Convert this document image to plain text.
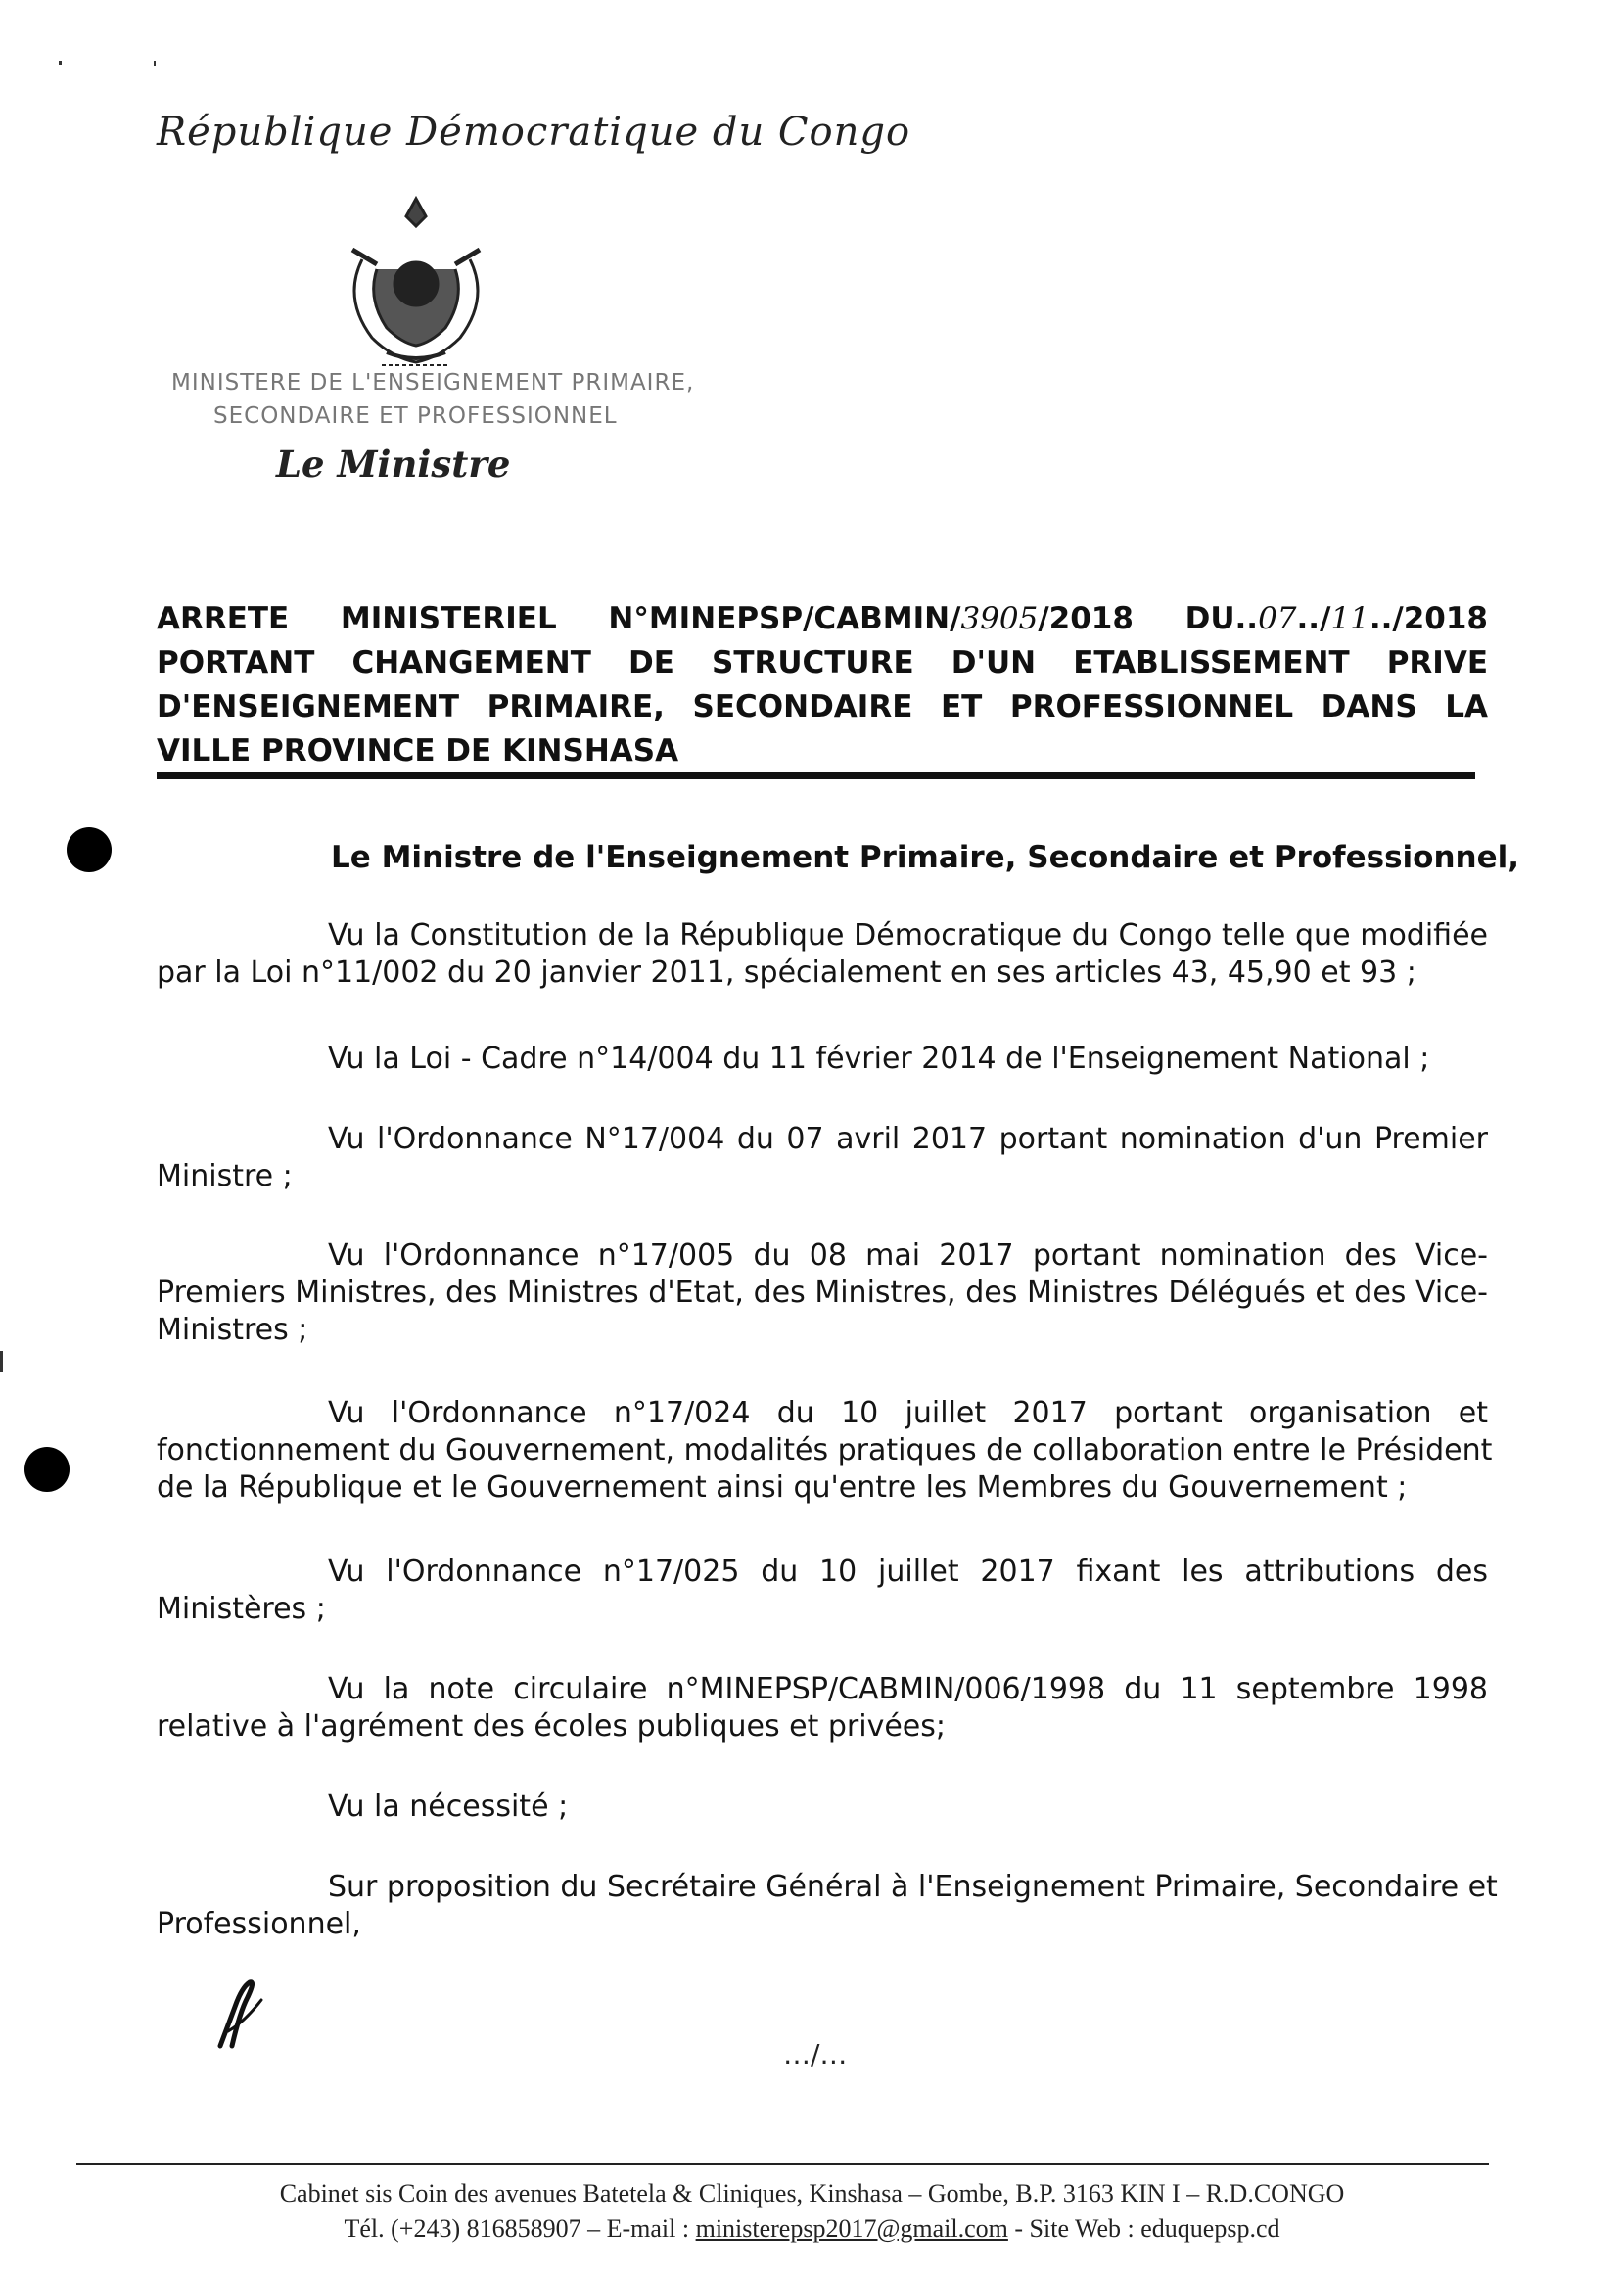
République Démocratique du Congo
MINISTERE DE L'ENSEIGNEMENT PRIMAIRE,
SECONDAIRE ET PROFESSIONNEL
Le Ministre
ARRETE MINISTERIEL N°MINEPSP/CABMIN/3905/2018 DU..07../11../2018
PORTANT CHANGEMENT DE STRUCTURE D'UN ETABLISSEMENT PRIVE
D'ENSEIGNEMENT PRIMAIRE, SECONDAIRE ET PROFESSIONNEL DANS LA
VILLE PROVINCE DE KINSHASA
Le Ministre de l'Enseignement Primaire, Secondaire et Professionnel,
Vu la Constitution de la République Démocratique du Congo telle que modifiée
par la Loi n°11/002 du 20 janvier 2011, spécialement en ses articles 43, 45,90 et 93 ;
Vu la Loi - Cadre n°14/004 du 11 février 2014 de l'Enseignement National ;
Vu l'Ordonnance N°17/004 du 07 avril 2017 portant nomination d'un Premier
Ministre ;
Vu l'Ordonnance n°17/005 du 08 mai 2017 portant nomination des Vice-
Premiers Ministres, des Ministres d'Etat, des Ministres, des Ministres Délégués et des Vice-
Ministres ;
Vu l'Ordonnance n°17/024 du 10 juillet 2017 portant organisation et
fonctionnement du Gouvernement, modalités pratiques de collaboration entre le Président
de la République et le Gouvernement ainsi qu'entre les Membres du Gouvernement ;
Vu l'Ordonnance n°17/025 du 10 juillet 2017 fixant les attributions des
Ministères ;
Vu la note circulaire n°MINEPSP/CABMIN/006/1998 du 11 septembre 1998
relative à l'agrément des écoles publiques et privées;
Vu la nécessité ;
Sur proposition du Secrétaire Général à l'Enseignement Primaire, Secondaire et
Professionnel,
…/…
Cabinet sis Coin des avenues Batetela & Cliniques, Kinshasa – Gombe, B.P. 3163 KIN I – R.D.CONGO
Tél. (+243) 816858907 – E-mail : ministerepsp2017@gmail.com - Site Web : eduquepsp.cd
